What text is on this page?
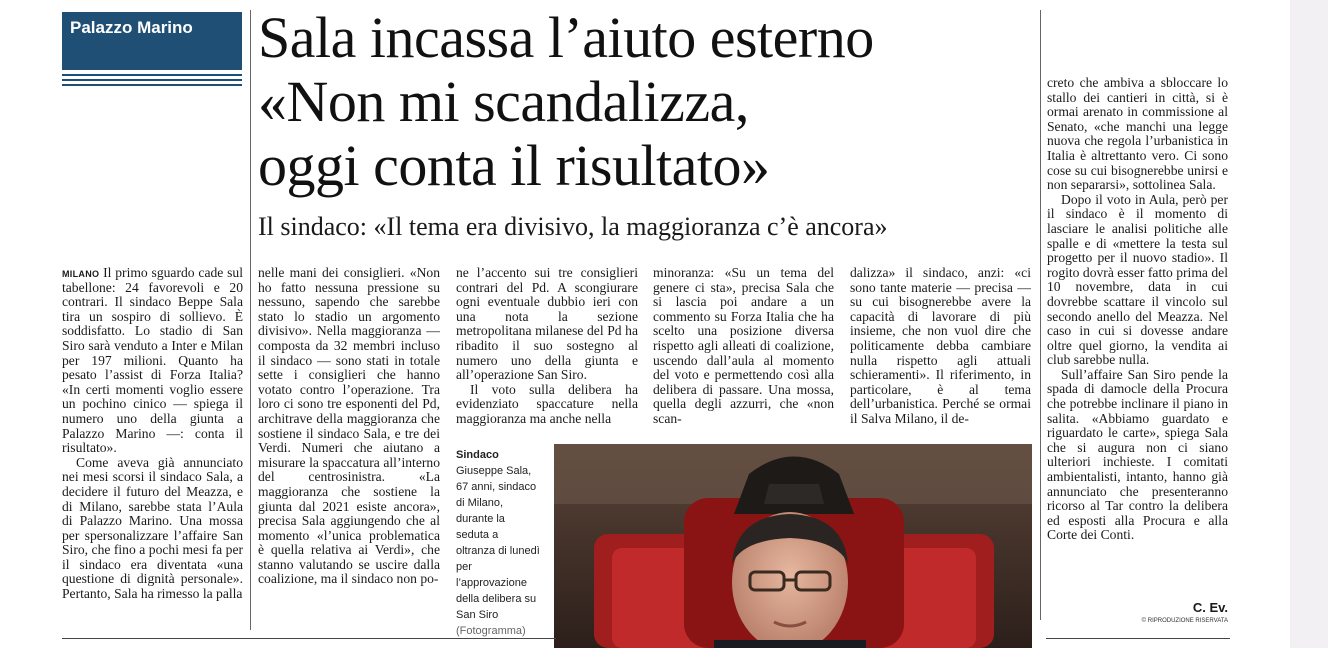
Palazzo Marino Sala incassa l’aiuto esterno
«Non mi scandalizza,
oggi conta il risultato»
Il sindaco: «Il tema era divisivo, la maggioranza c’è ancora»

MILANO Il primo sguardo cade sul tabellone: 24 favorevoli e 20 contrari. Il sindaco Beppe Sala tira un sospiro di sollievo. È soddisfatto. Lo stadio di San Siro sarà venduto a Inter e Milan per 197 milioni. Quanto ha pesato l’assist di Forza Italia? «In certi momenti voglio essere un pochino cinico — spiega il numero uno della giunta a Palazzo Marino —: conta il risultato».

Come aveva già annunciato nei mesi scorsi il sindaco Sala, a decidere il futuro del Meazza, e di Milano, sarebbe stata l’Aula di Palazzo Marino. Una mossa per spersonalizzare l’affaire San Siro, che fino a pochi mesi fa per il sindaco era diventata «una questione di dignità personale». Pertanto, Sala ha rimesso la palla

nelle mani dei consiglieri. «Non ho fatto nessuna pressione su nessuno, sapendo che sarebbe stato lo stadio un argomento divisivo». Nella maggioranza — composta da 32 membri incluso il sindaco — sono stati in totale sette i consiglieri che hanno votato contro l’operazione. Tra loro ci sono tre esponenti del Pd, architrave della maggioranza che sostiene il sindaco Sala, e tre dei Verdi. Numeri che aiutano a misurare la spaccatura all’interno del centrosinistra. «La maggioranza che sostiene la giunta dal 2021 esiste ancora», precisa Sala aggiungendo che al momento «l’unica problematica è quella relativa ai Verdi», che stanno valutando se uscire dalla coalizione, ma il sindaco non po-

ne l’accento sui tre consiglieri contrari del Pd. A scongiurare ogni eventuale dubbio ieri con una nota la sezione metropolitana milanese del Pd ha ribadito il suo sostegno al numero uno della giunta e all’operazione San Siro.

Il voto sulla delibera ha evidenziato spaccature nella maggioranza ma anche nella

minoranza: «Su un tema del genere ci sta», precisa Sala che si lascia poi andare a un commento su Forza Italia che ha scelto una posizione diversa rispetto agli alleati di coalizione, uscendo dall’aula al momento del voto e permettendo così alla delibera di passare. Una mossa, quella degli azzurri, che «non scan-

dalizza» il sindaco, anzi: «ci sono tante materie — precisa — su cui bisognerebbe avere la capacità di lavorare di più insieme, che non vuol dire che politicamente debba cambiare nulla rispetto agli attuali schieramenti». Il riferimento, in particolare, è al tema dell’urbanistica. Perché se ormai il Salva Milano, il de-

creto che ambiva a sbloccare lo stallo dei cantieri in città, si è ormai arenato in commissione al Senato, «che manchi una legge nuova che regola l’urbanistica in Italia è altrettanto vero. Ci sono cose su cui bisognerebbe unirsi e non separarsi», sottolinea Sala.

Dopo il voto in Aula, però per il sindaco è il momento di lasciare le analisi politiche alle spalle e di «mettere la testa sul progetto per il nuovo stadio». Il rogito dovrà esser fatto prima del 10 novembre, data in cui dovrebbe scattare il vincolo sul secondo anello del Meazza. Nel caso in cui si dovesse andare oltre quel giorno, la vendita ai club sarebbe nulla.

Sull’affaire San Siro pende la spada di damocle della Procura che potrebbe inclinare il piano in salita. «Abbiamo guardato e riguardato le carte», spiega Sala che si augura non ci siano ulteriori inchieste. I comitati ambientalisti, intanto, hanno già annunciato che presenteranno ricorso al Tar contro la delibera ed esposti alla Procura e alla Corte dei Conti.

C. Ev.
© RIPRODUZIONE RISERVATA
Sindaco
Giuseppe Sala, 67 anni, sindaco di Milano, durante la seduta a oltranza di lunedì per l’approvazione della delibera su San Siro
(Fotogramma)
